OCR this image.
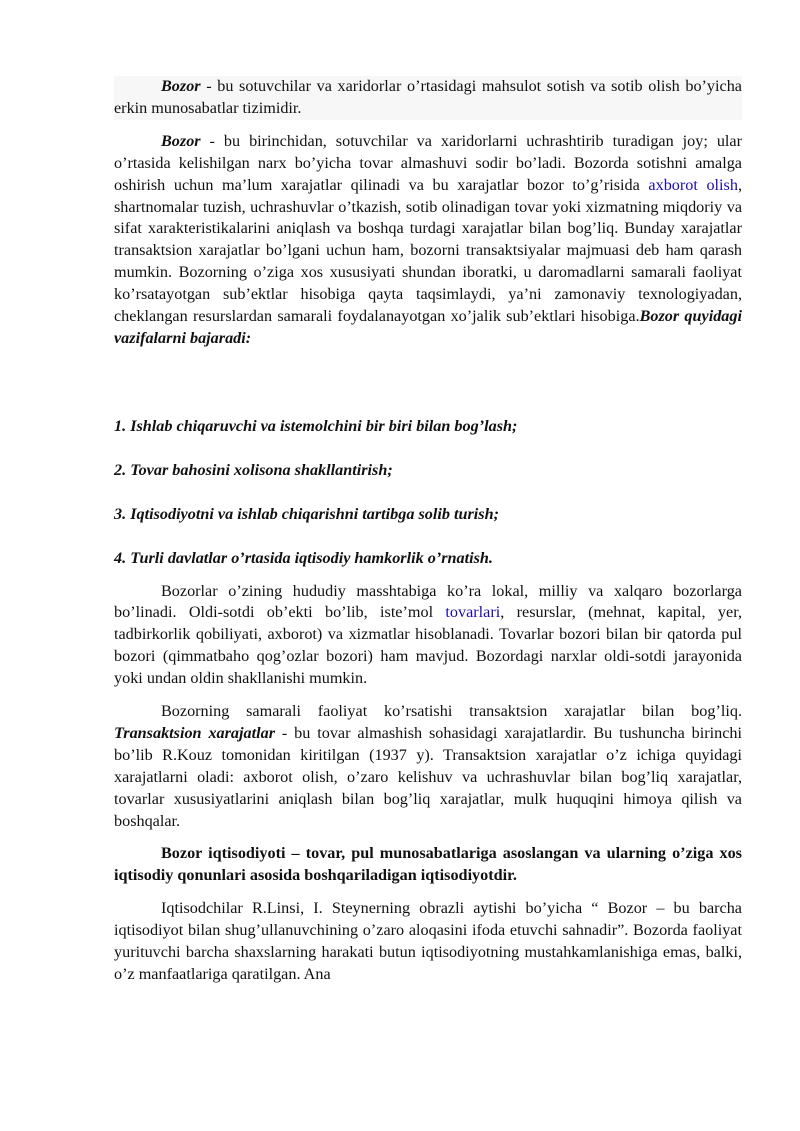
Bozor - bu sotuvchilar va xaridorlar o’rtasidagi mahsulot sotish va sotib olish bo’yicha erkin munosabatlar tizimidir.

Bozor - bu birinchidan, sotuvchilar va xaridorlarni uchrashtirib turadigan joy; ular o’rtasida kelishilgan narx bo’yicha tovar almashuvi sodir bo’ladi. Bozorda sotishni amalga oshirish uchun ma’lum xarajatlar qilinadi va bu xarajatlar bozor to’g’risida axborot olish, shartnomalar tuzish, uchrashuvlar o’tkazish, sotib olinadigan tovar yoki xizmatning miqdoriy va sifat xarakteristikalarini aniqlash va boshqa turdagi xarajatlar bilan bog’liq. Bunday xarajatlar transaktsion xarajatlar bo’lgani uchun ham, bozorni transaktsiyalar majmuasi deb ham qarash mumkin. Bozorning o’ziga xos xususiyati shundan iboratki, u daromadlarni samarali faoliyat ko’rsatayotgan sub’ektlar hisobiga qayta taqsimlaydi, ya’ni zamonaviy texnologiyadan, cheklangan resurslardan samarali foydalanayotgan xo’jalik sub’ektlari hisobiga.Bozor quyidagi vazifalarni bajaradi:

1. Ishlab chiqaruvchi va istemolchini bir biri bilan bog’lash;

2. Tovar bahosini xolisona shakllantirish;

3. Iqtisodiyotni va ishlab chiqarishni tartibga solib turish;

4. Turli davlatlar o’rtasida iqtisodiy hamkorlik o’rnatish.

Bozorlar o’zining hududiy masshtabiga ko’ra lokal, milliy va xalqaro bozorlarga bo’linadi. Oldi-sotdi ob’ekti bo’lib, iste’mol tovarlari, resurslar, (mehnat, kapital, yer, tadbirkorlik qobiliyati, axborot) va xizmatlar hisoblanadi. Tovarlar bozori bilan bir qatorda pul bozori (qimmatbaho qog’ozlar bozori) ham mavjud. Bozordagi narxlar oldi-sotdi jarayonida yoki undan oldin shakllanishi mumkin.

Bozorning samarali faoliyat ko’rsatishi transaktsion xarajatlar bilan bog’liq. Transaktsion xarajatlar - bu tovar almashish sohasidagi xarajatlardir. Bu tushuncha birinchi bo’lib R.Kouz tomonidan kiritilgan (1937 y). Transaktsion xarajatlar o’z ichiga quyidagi xarajatlarni oladi: axborot olish, o’zaro kelishuv va uchrashuvlar bilan bog’liq xarajatlar, tovarlar xususiyatlarini aniqlash bilan bog’liq xarajatlar, mulk huquqini himoya qilish va boshqalar.

Bozor iqtisodiyoti – tovar, pul munosabatlariga asoslangan va ularning o’ziga xos iqtisodiy qonunlari asosida boshqariladigan iqtisodiyotdir.

Iqtisodchilar R.Linsi, I. Steynerning obrazli aytishi bo’yicha “ Bozor – bu barcha iqtisodiyot bilan shug’ullanuvchining o’zaro aloqasini ifoda etuvchi sahnadir”. Bozorda faoliyat yurituvchi barcha shaxslarning harakati butun iqtisodiyotning mustahkamlanishiga emas, balki, o’z manfaatlariga qaratilgan. Ana
